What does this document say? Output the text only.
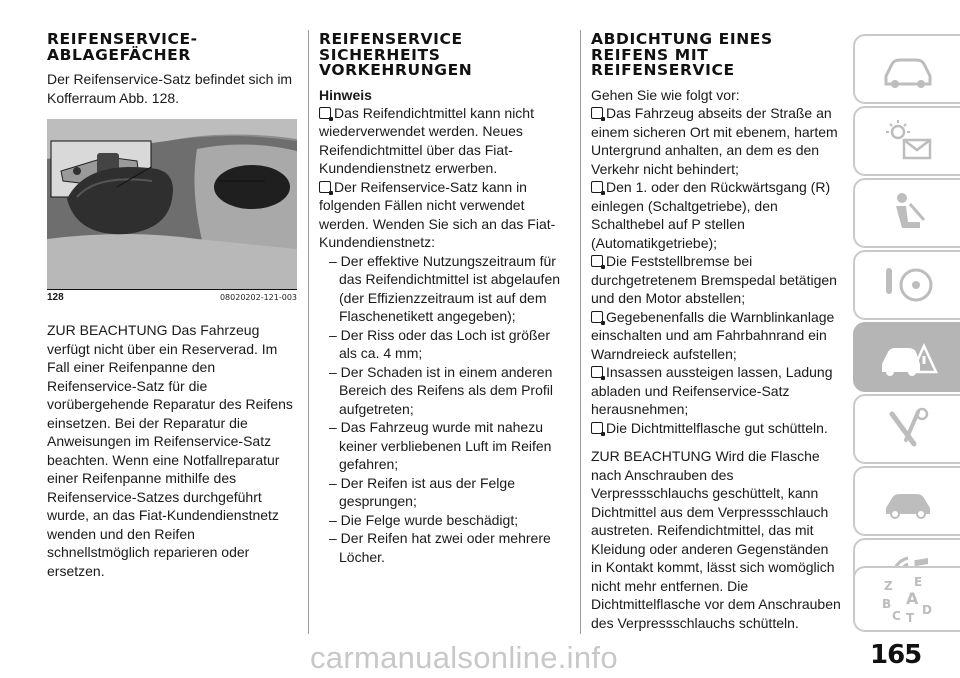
REIFENSERVICE-
ABLAGEFÄCHER

Der Reifenservice-Satz befindet sich im Kofferraum Abb. 128.

128	08020202-121-003

ZUR BEACHTUNG Das Fahrzeug verfügt nicht über ein Reserverad. Im Fall einer Reifenpanne den Reifenservice-Satz für die vorübergehende Reparatur des Reifens einsetzen. Bei der Reparatur die Anweisungen im Reifenservice-Satz beachten. Wenn eine Notfallreparatur einer Reifenpanne mithilfe des Reifenservice-Satzes durchgeführt wurde, an das Fiat-Kundendienstnetz wenden und den Reifen schnellstmöglich reparieren oder ersetzen.

REIFENSERVICE
SICHERHEITS
VORKEHRUNGEN

Hinweis

Das Reifendichtmittel kann nicht wiederverwendet werden. Neues Reifendichtmittel über das Fiat-Kundendienstnetz erwerben.

Der Reifenservice-Satz kann in folgenden Fällen nicht verwendet werden. Wenden Sie sich an das Fiat-Kundendienstnetz:

– Der effektive Nutzungszeitraum für das Reifendichtmittel ist abgelaufen (der Effizienzzeitraum ist auf dem Flaschenetikett angegeben);

– Der Riss oder das Loch ist größer als ca. 4 mm;

– Der Schaden ist in einem anderen Bereich des Reifens als dem Profil aufgetreten;

– Das Fahrzeug wurde mit nahezu keiner verbliebenen Luft im Reifen gefahren;

– Der Reifen ist aus der Felge gesprungen;

– Die Felge wurde beschädigt;

– Der Reifen hat zwei oder mehrere Löcher.

ABDICHTUNG EINES
REIFENS MIT
REIFENSERVICE

Gehen Sie wie folgt vor:

Das Fahrzeug abseits der Straße an einem sicheren Ort mit ebenem, hartem Untergrund anhalten, an dem es den Verkehr nicht behindert;

Den 1. oder den Rückwärtsgang (R) einlegen (Schaltgetriebe), den Schalthebel auf P stellen (Automatikgetriebe);

Die Feststellbremse bei durchgetretenem Bremspedal betätigen und den Motor abstellen;

Gegebenenfalls die Warnblinkanlage einschalten und am Fahrbahnrand ein Warndreieck aufstellen;

Insassen aussteigen lassen, Ladung abladen und Reifenservice-Satz herausnehmen;

Die Dichtmittelflasche gut schütteln.

ZUR BEACHTUNG Wird die Flasche nach Anschrauben des Verpressschlauchs geschüttelt, kann Dichtmittel aus dem Verpressschlauch austreten. Reifendichtmittel, das mit Kleidung oder anderen Gegenständen in Kontakt kommt, lässt sich womöglich nicht mehr entfernen. Die Dichtmittelflasche vor dem Anschrauben des Verpressschlauchs schütteln.

Z E
A
B	D
C T
carmanualsonline.info	165
